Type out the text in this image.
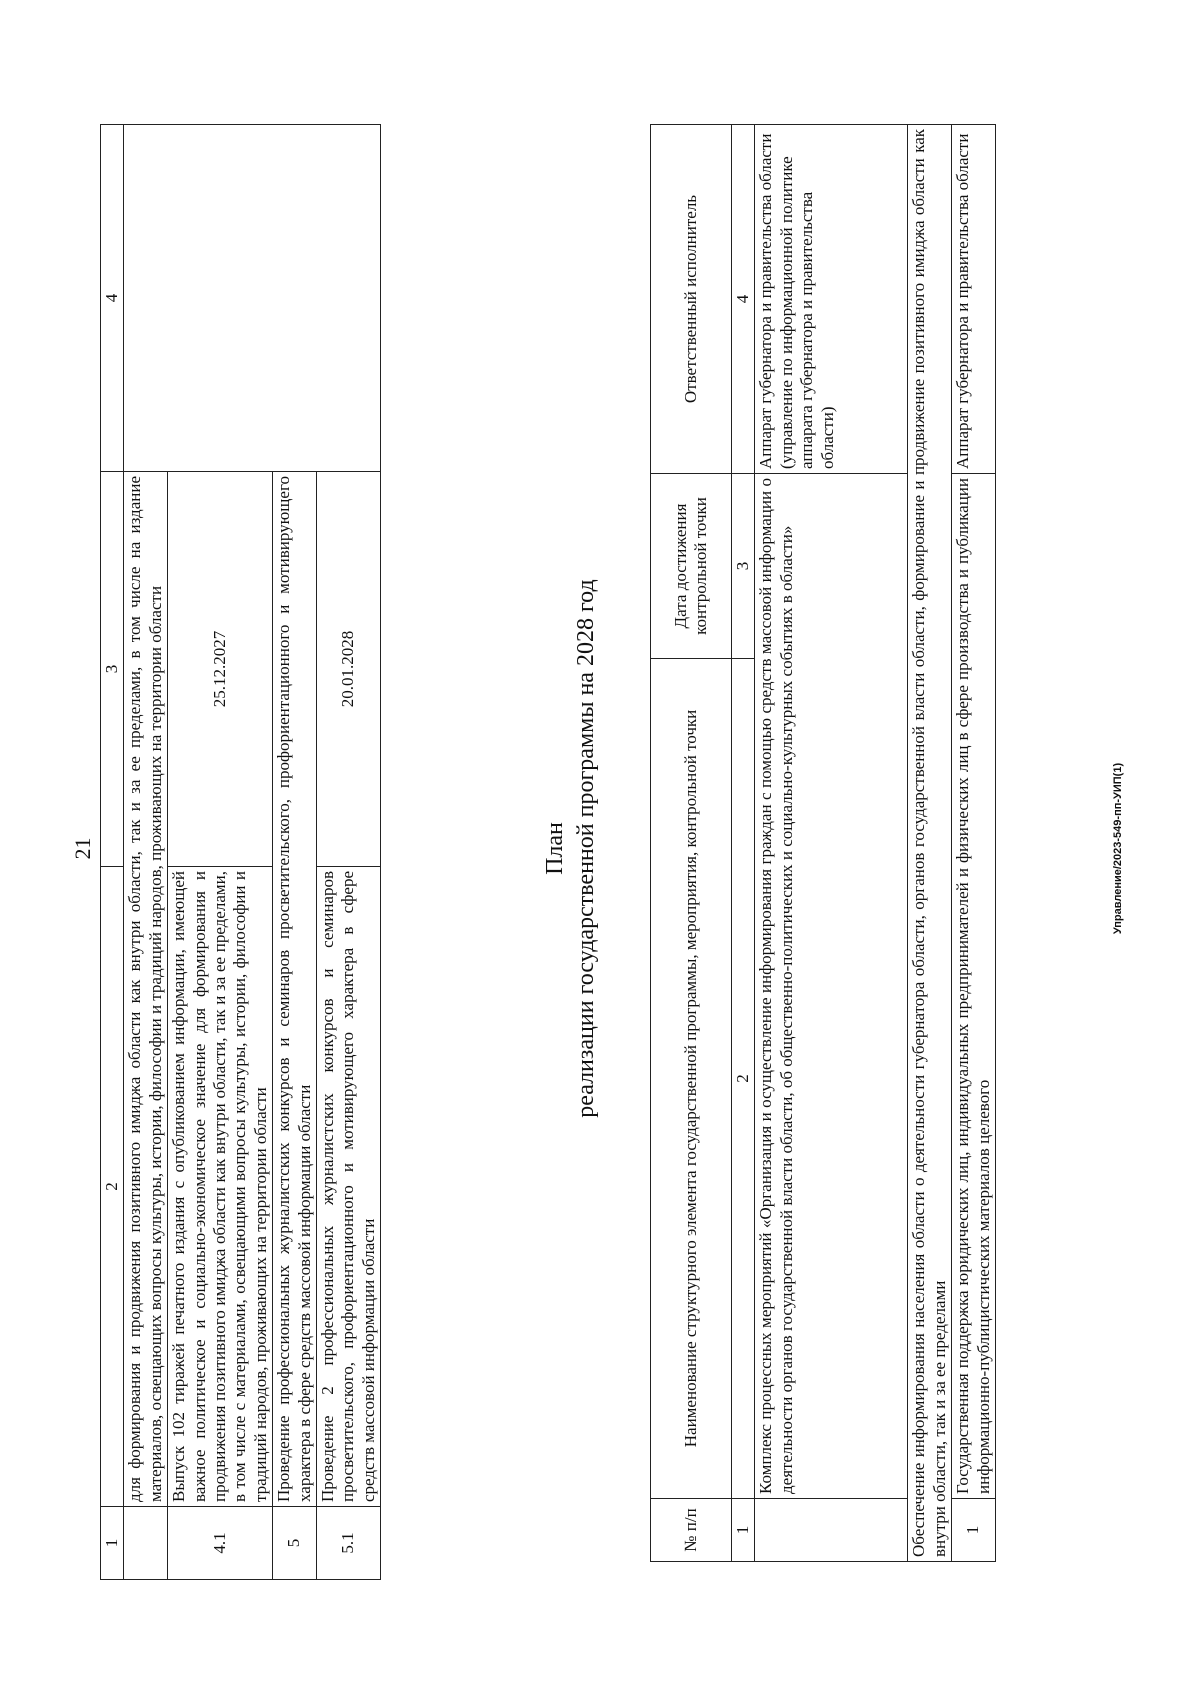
21
1	2	3	4
	для формирования и продвижения позитивного имиджа области как внутри области, так и за ее пределами, в том числе на издание материалов, освещающих вопросы культуры, истории, философии и традиций народов, проживающих на территории области		
4.1	Выпуск 102 тиражей печатного издания с опубликованием информации, имеющей важное политическое и социально-экономическое значение для формирования и продвижения позитивного имиджа области как внутри области, так и за ее пределами, в том числе с материалами, освещающими вопросы культуры, истории, философии и традиций народов, проживающих на территории области	25.12.2027	
5	Проведение профессиональных журналистских конкурсов и семинаров просветительского, профориентационного и мотивирующего характера в сфере средств массовой информации области		
5.1	Проведение 2 профессиональных журналистских конкурсов и семинаров просветительского, профориентационного и мотивирующего характера в сфере средств массовой информации области	20.01.2028	
План реализации государственной программы на 2028 год
№ п/п	Наименование структурного элемента государственной программы, мероприятия, контрольной точки	Дата достижения контрольной точки	Ответственный исполнитель
1	2	3	4
	Комплекс процессных мероприятий «Организация и осуществление информирования граждан с помощью средств массовой информации о деятельности органов государственной власти области, об общественно-политических и социально-культурных событиях в области»		Аппарат губернатора и правительства области (управление по информационной политике аппарата губернатора и правительства области)
Обеспечение информирования населения области о деятельности губернатора области, органов государственной власти области, формирование и продвижение позитивного имиджа области как внутри области, так и за ее пределами			
1	Государственная поддержка юридических лиц, индивидуальных предпринимателей и физических лиц в сфере производства и публикации информационно-публицистических материалов целевого		Аппарат губернатора и правительства области
Управление/2023-549-пп-УИП(1)
